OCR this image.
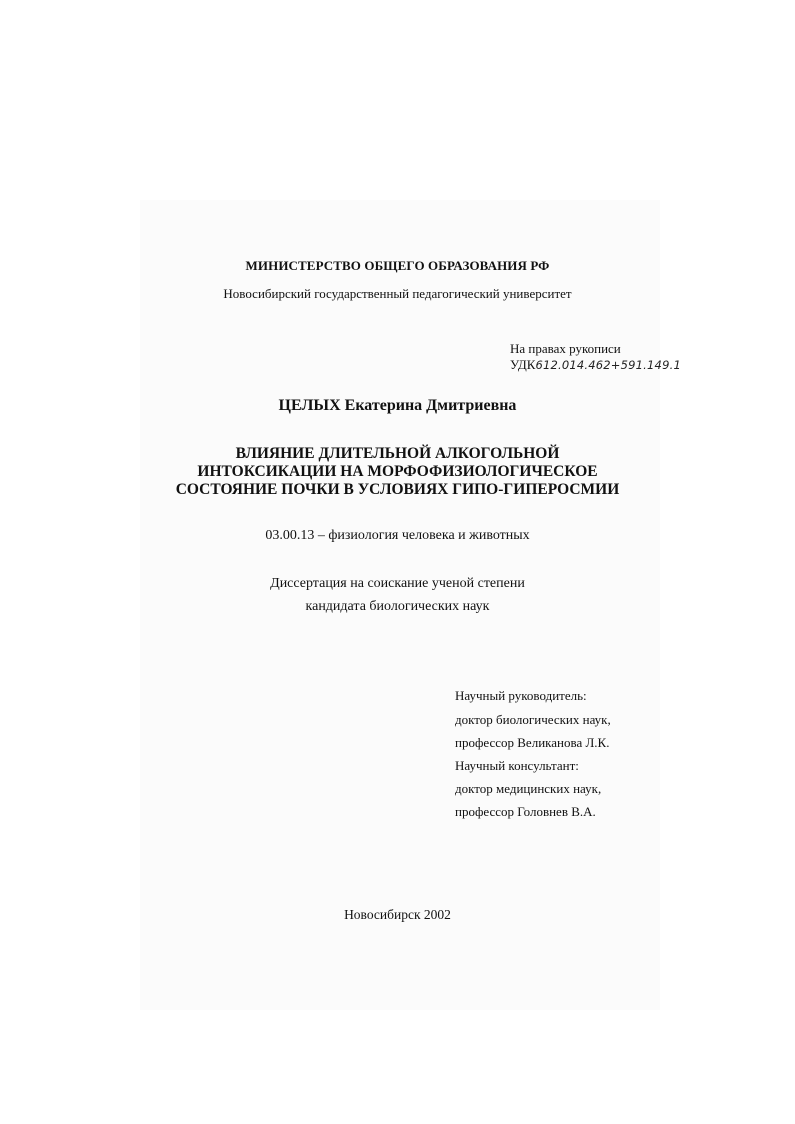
МИНИСТЕРСТВО ОБЩЕГО ОБРАЗОВАНИЯ РФ

Новосибирский государственный педагогический университет

На правах рукописи

УДК612.014.462+591.149.1

ЦЕЛЫХ Екатерина Дмитриевна

ВЛИЯНИЕ ДЛИТЕЛЬНОЙ АЛКОГОЛЬНОЙ

ИНТОКСИКАЦИИ НА МОРФОФИЗИОЛОГИЧЕСКОЕ

СОСТОЯНИЕ ПОЧКИ В УСЛОВИЯХ ГИПО-ГИПЕРОСМИИ

03.00.13 – физиология человека и животных

Диссертация на соискание ученой степени

кандидата биологических наук

Научный руководитель:

доктор биологических наук,

профессор Великанова Л.К.

Научный консультант:

доктор медицинских наук,

профессор Головнев В.А.

Новосибирск 2002
